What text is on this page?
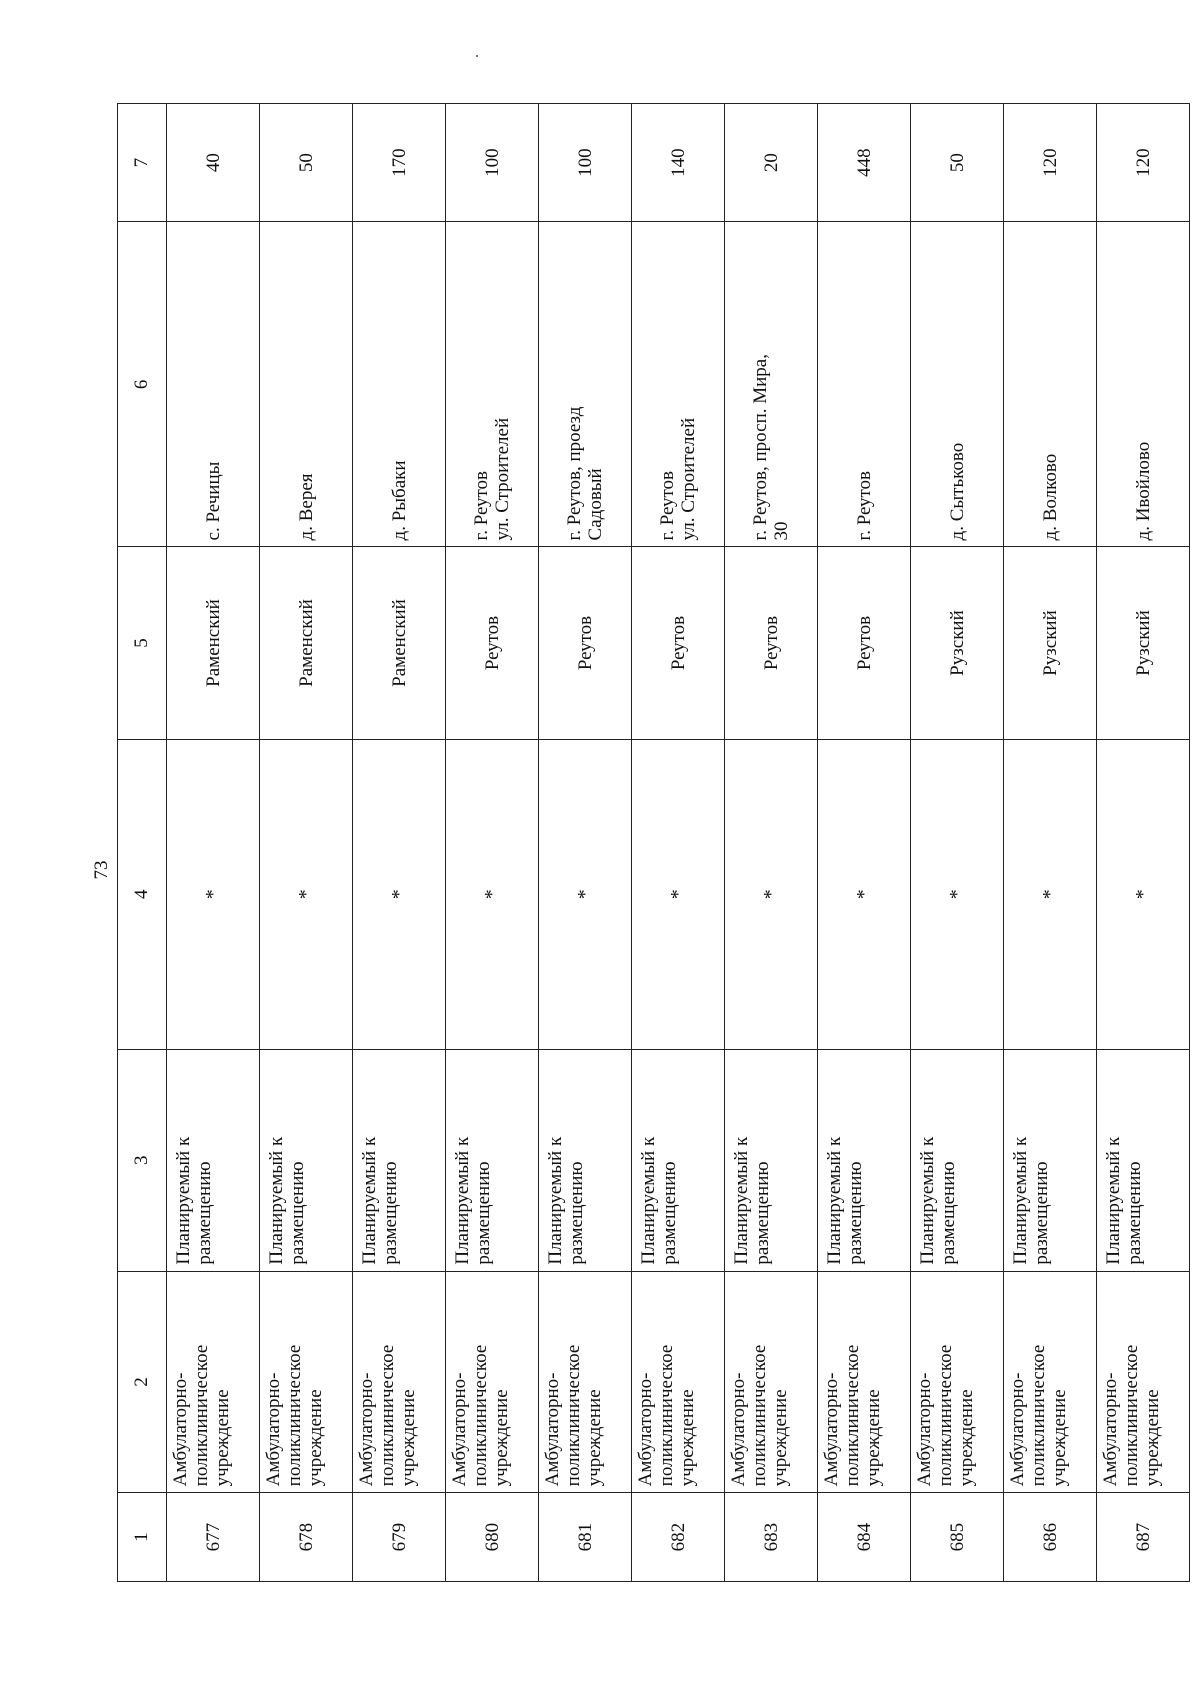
73
1	2	3	4	5	6	7
677	Амбулаторно-
поликлиническое
учреждение	Планируемый к
размещению	*	Раменский	с. Речицы	40
678	Амбулаторно-
поликлиническое
учреждение	Планируемый к
размещению	*	Раменский	д. Верея	50
679	Амбулаторно-
поликлиническое
учреждение	Планируемый к
размещению	*	Раменский	д. Рыбаки	170
680	Амбулаторно-
поликлиническое
учреждение	Планируемый к
размещению	*	Реутов	г. Реутов
ул. Строителей	100
681	Амбулаторно-
поликлиническое
учреждение	Планируемый к
размещению	*	Реутов	г. Реутов, проезд
Садовый	100
682	Амбулаторно-
поликлиническое
учреждение	Планируемый к
размещению	*	Реутов	г. Реутов
ул. Строителей	140
683	Амбулаторно-
поликлиническое
учреждение	Планируемый к
размещению	*	Реутов	г. Реутов, просп. Мира,
30	20
684	Амбулаторно-
поликлиническое
учреждение	Планируемый к
размещению	*	Реутов	г. Реутов	448
685	Амбулаторно-
поликлиническое
учреждение	Планируемый к
размещению	*	Рузский	д. Сытьково	50
686	Амбулаторно-
поликлиническое
учреждение	Планируемый к
размещению	*	Рузский	д. Волково	120
687	Амбулаторно-
поликлиническое
учреждение	Планируемый к
размещению	*	Рузский	д. Ивойлово	120
